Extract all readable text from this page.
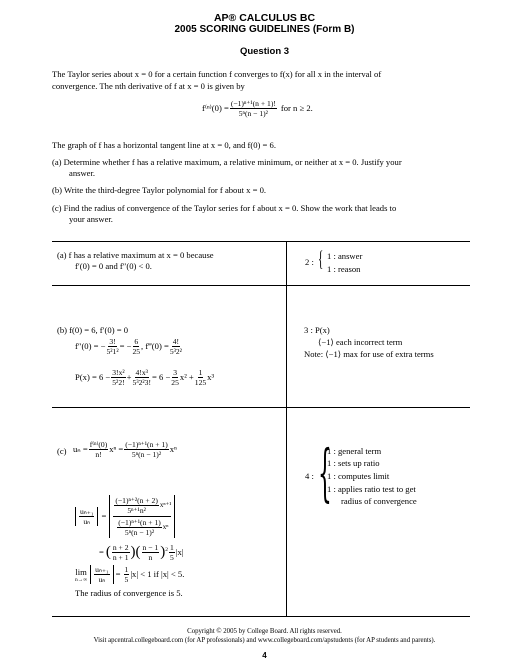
AP® CALCULUS BC
2005 SCORING GUIDELINES (Form B)
Question 3
The Taylor series about x = 0 for a certain function f converges to f(x) for all x in the interval of
convergence. The nth derivative of f at x = 0 is given by
$f^{(n)}(0) = \frac{\text{(−1)ⁿ⁺¹(n + 1)!}}{\text{5ⁿ(n − 1)²}}$ for n ≥ 2.
The graph of f has a horizontal tangent line at x = 0, and f(0) = 6.
(a) Determine whether f has a relative maximum, a relative minimum, or neither at x = 0. Justify your
answer.
(b) Write the third-degree Taylor polynomial for f about x = 0.
(c) Find the radius of convergence of the Taylor series for f about x = 0. Show the work that leads to
your answer.
(a) f has a relative maximum at x = 0 because
f′(0) = 0 and f″(0) < 0.	2 : { 1 : answer
1 : reason
(b) f(0) = 6, f′(0) = 0
f″(0) = − $\frac{3!}{\text{5²1²}}$ = − $\frac{6}{25}$ , f‴(0) = $\frac{4!}{\text{5³2²}}$
$P(x) = 6 - \frac{\text{3!x²}}{\text{5²2!}} + \frac{\text{4!x³}}{\text{5³2²3!}} = 6 - \frac{3}{25} x^2 + \frac{1}{125} x^3$
3 : P(x)
⟨−1⟩ each incorrect term
Note: ⟨−1⟩ max for use of extra terms
(c) $u_n = \frac{\text{f⁽ⁿ⁾(0)}}{n!}$ $x^n = \frac{\text{(−1)ⁿ⁺¹(n + 1)}}{\text{5ⁿ(n − 1)²}}$ xⁿ
$\frac{\text{uₙ₊₁}}{\text{uₙ}} = \frac{\frac{\text{(−1)ⁿ⁺²(n + 2)}}{\text{5ⁿ⁺¹n²}} x^{n+1}}{\frac{\text{(−1)ⁿ⁺¹(n + 1)}}{\text{5ⁿ(n − 1)²}} x^n}$
= ( $\frac{n + 2}{n + 1}$ ) ( $\frac{n - 1}{n}$ ) $2 \frac{1}{5} |x|$
lim
$n\to\infty \frac{\text{uₙ₊₁}}{\text{uₙ}} = \frac{1}{5} |x| < 1$ if |x| < 5.
The radius of convergence is 5.
4 : {
1 : general term
1 : sets up ratio
1 : computes limit
1 : applies ratio test to get
radius of convergence
Copyright © 2005 by College Board. All rights reserved.
Visit apcentral.collegeboard.com (for AP professionals) and www.collegeboard.com/apstudents (for AP students and parents).
4
